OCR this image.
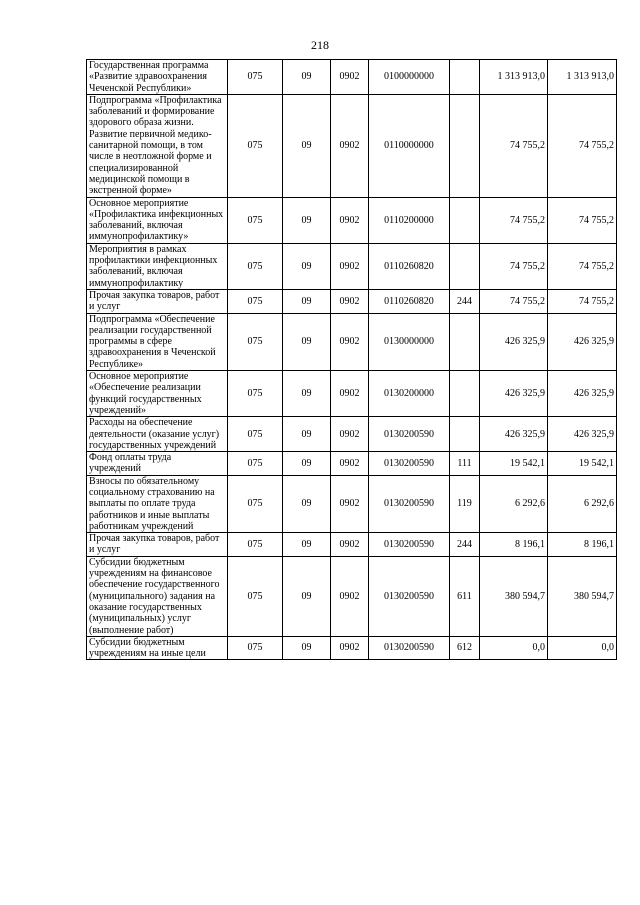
218
Государственная программа «Развитие здравоохранения Чеченской Республики»	075	09	0902	0100000000		1 313 913,0	1 313 913,0
Подпрограмма «Профилактика заболеваний и формирование здорового образа жизни. Развитие первичной медико-санитарной помощи, в том числе в неотложной форме и специализированной медицинской помощи в экстренной форме»	075	09	0902	0110000000		74 755,2	74 755,2
Основное мероприятие «Профилактика инфекционных заболеваний, включая иммунопрофилактику»	075	09	0902	0110200000		74 755,2	74 755,2
Мероприятия в рамках профилактики инфекционных заболеваний, включая иммунопрофилактику	075	09	0902	0110260820		74 755,2	74 755,2
Прочая закупка товаров, работ и услуг	075	09	0902	0110260820	244	74 755,2	74 755,2
Подпрограмма «Обеспечение реализации государственной программы в сфере здравоохранения в Чеченской Республике»	075	09	0902	0130000000		426 325,9	426 325,9
Основное мероприятие «Обеспечение реализации функций государственных учреждений»	075	09	0902	0130200000		426 325,9	426 325,9
Расходы на обеспечение деятельности (оказание услуг) государственных учреждений	075	09	0902	0130200590		426 325,9	426 325,9
Фонд оплаты труда учреждений	075	09	0902	0130200590	111	19 542,1	19 542,1
Взносы по обязательному социальному страхованию на выплаты по оплате труда работников и иные выплаты работникам учреждений	075	09	0902	0130200590	119	6 292,6	6 292,6
Прочая закупка товаров, работ и услуг	075	09	0902	0130200590	244	8 196,1	8 196,1
Субсидии бюджетным учреждениям на финансовое обеспечение государственного (муниципального) задания на оказание государственных (муниципальных) услуг (выполнение работ)	075	09	0902	0130200590	611	380 594,7	380 594,7
Субсидии бюджетным учреждениям на иные цели	075	09	0902	0130200590	612	0,0	0,0
